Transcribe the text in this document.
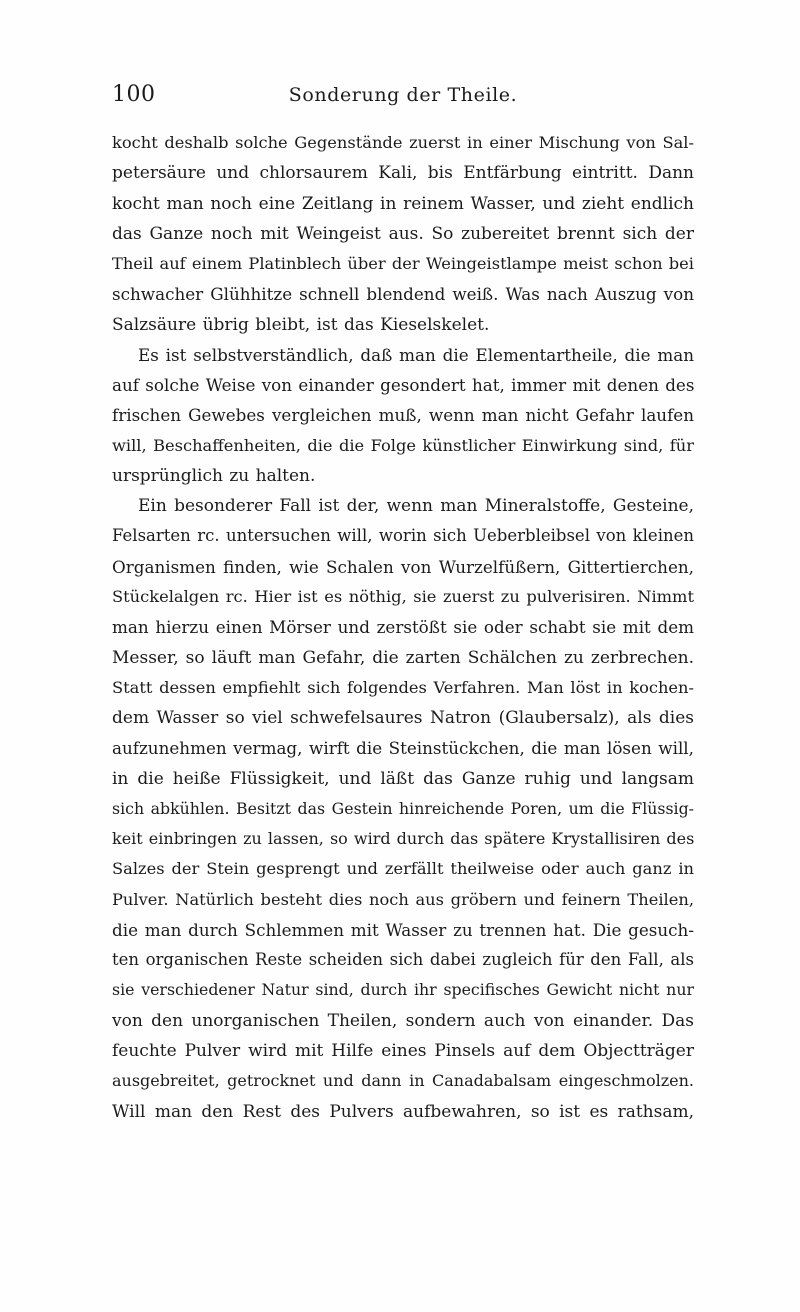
100	Sonderung der Theile.
kocht deshalb solche Gegenstände zuerst in einer Mischung von Sal-
petersäure und chlorsaurem Kali, bis Entfärbung eintritt. Dann
kocht man noch eine Zeitlang in reinem Wasser, und zieht endlich
das Ganze noch mit Weingeist aus. So zubereitet brennt sich der
Theil auf einem Platinblech über der Weingeistlampe meist schon bei
schwacher Glühhitze schnell blendend weiß. Was nach Auszug von
Salzsäure übrig bleibt, ist das Kieselskelet.
Es ist selbstverständlich, daß man die Elementartheile, die man
auf solche Weise von einander gesondert hat, immer mit denen des
frischen Gewebes vergleichen muß, wenn man nicht Gefahr laufen
will, Beschaffenheiten, die die Folge künstlicher Einwirkung sind, für
ursprünglich zu halten.
Ein besonderer Fall ist der, wenn man Mineralstoffe, Gesteine,
Felsarten rc. untersuchen will, worin sich Ueberbleibsel von kleinen
Organismen finden, wie Schalen von Wurzelfüßern, Gittertierchen,
Stückelalgen rc. Hier ist es nöthig, sie zuerst zu pulverisiren. Nimmt
man hierzu einen Mörser und zerstößt sie oder schabt sie mit dem
Messer, so läuft man Gefahr, die zarten Schälchen zu zerbrechen.
Statt dessen empfiehlt sich folgendes Verfahren. Man löst in kochen-
dem Wasser so viel schwefelsaures Natron (Glaubersalz), als dies
aufzunehmen vermag, wirft die Steinstückchen, die man lösen will,
in die heiße Flüssigkeit, und läßt das Ganze ruhig und langsam
sich abkühlen. Besitzt das Gestein hinreichende Poren, um die Flüssig-
keit einbringen zu lassen, so wird durch das spätere Krystallisiren des
Salzes der Stein gesprengt und zerfällt theilweise oder auch ganz in
Pulver. Natürlich besteht dies noch aus gröbern und feinern Theilen,
die man durch Schlemmen mit Wasser zu trennen hat. Die gesuch-
ten organischen Reste scheiden sich dabei zugleich für den Fall, als
sie verschiedener Natur sind, durch ihr specifisches Gewicht nicht nur
von den unorganischen Theilen, sondern auch von einander. Das
feuchte Pulver wird mit Hilfe eines Pinsels auf dem Objectträger
ausgebreitet, getrocknet und dann in Canadabalsam eingeschmolzen.
Will man den Rest des Pulvers aufbewahren, so ist es rathsam,
